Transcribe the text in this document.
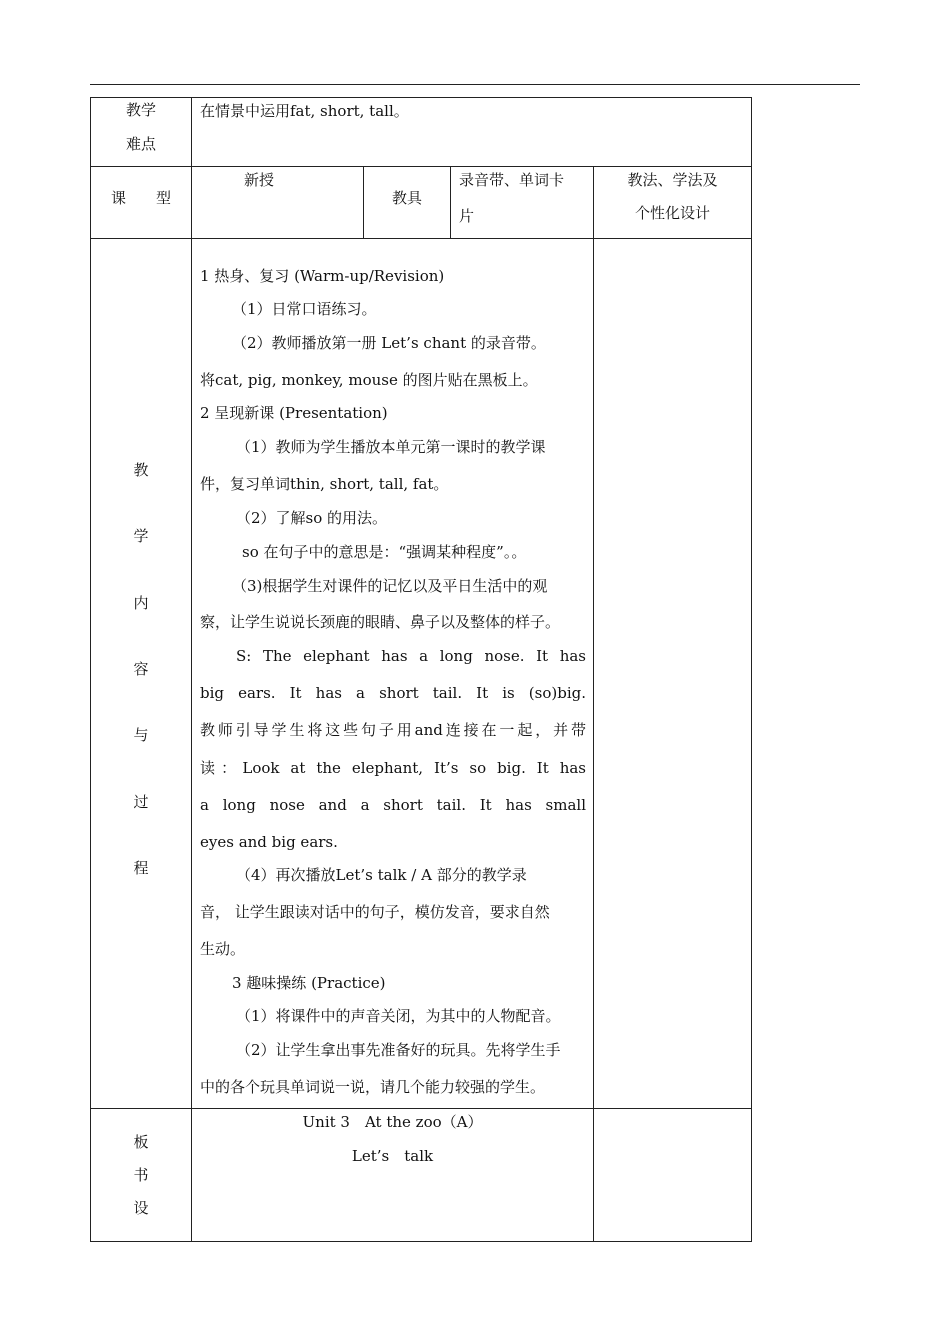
教学
难点
在情景中运用fat, short, tall。
课　　型
新授
教具
录音带、单词卡
片
教法、学法及
个性化设计
教
学
内
容
与
过
程
1 热身、复习 (Warm-up/Revision)
（1）日常口语练习。
（2）教师播放第一册 Let’s chant 的录音带。
将cat, pig, monkey, mouse 的图片贴在黑板上。
2 呈现新课 (Presentation)
（1）教师为学生播放本单元第一课时的教学课
件，复习单词thin, short, tall, fat。
（2）了解so 的用法。
so 在句子中的意思是：“强调某种程度”。。
（3)根据学生对课件的记忆以及平日生活中的观
察，让学生说说长颈鹿的眼睛、鼻子以及整体的样子。
S: The elephant has a long nose. It has
big ears. It has a short tail. It is (so)big.
教师引导学生将这些句子用and连接在一起，并带
读：Look at the elephant, It’s so big. It has
a long nose and a short tail. It has small
eyes and big ears.
（4）再次播放Let’s talk / A 部分的教学录
音， 让学生跟读对话中的句子，模仿发音，要求自然
生动。
3 趣味操练 (Practice)
（1）将课件中的声音关闭，为其中的人物配音。
（2）让学生拿出事先准备好的玩具。先将学生手
中的各个玩具单词说一说，请几个能力较强的学生。
板
书
设
Unit 3　At the zoo（A）
Let’s　talk
